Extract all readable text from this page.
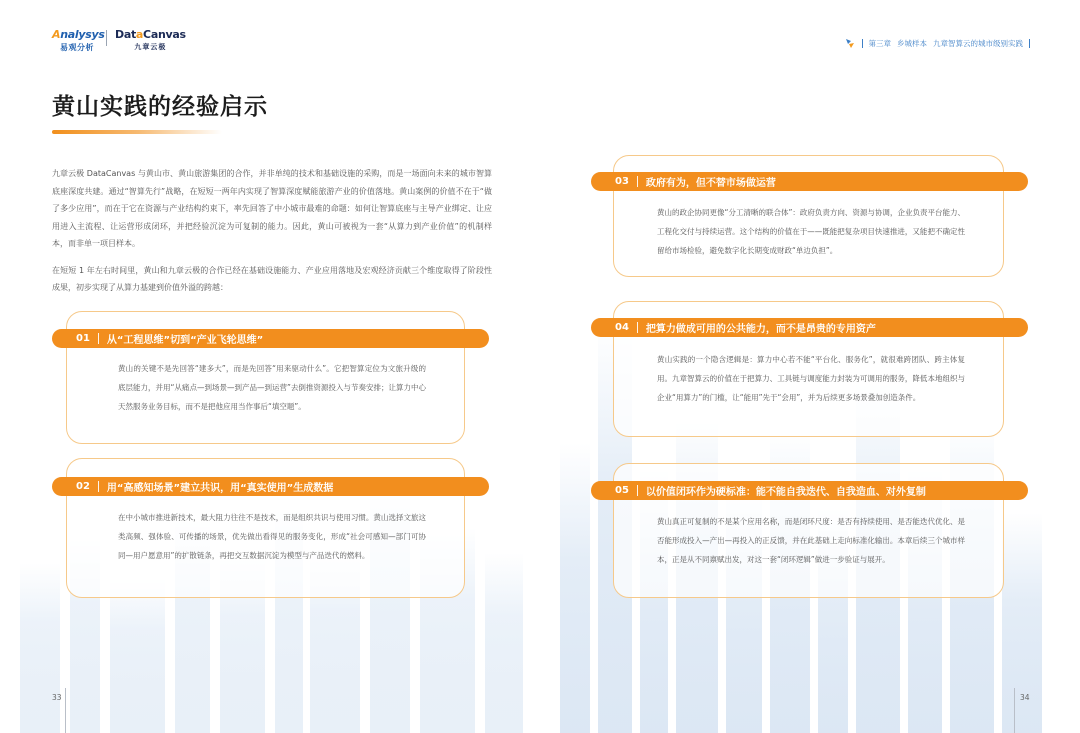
Analysys
易观分析
DataCanvas
九章云极	第三章 乡城样本 九章智算云的城市级别实践
黄山实践的经验启示

九章云极 DataCanvas 与黄山市、黄山旅游集团的合作，并非单纯的技术和基础设施的采购，而是一场面向未来的城市智算底座深度共建。通过“智算先行”战略，在短短一两年内实现了智算深度赋能旅游产业的价值落地。黄山案例的价值不在于“做了多少应用”，而在于它在资源与产业结构约束下，率先回答了中小城市最难的命题：如何让智算底座与主导产业绑定、让应用进入主流程、让运营形成闭环，并把经验沉淀为可复制的能力。因此，黄山可被视为一套“从算力到产业价值”的机制样本，而非单一项目样本。

在短短 1 年左右时间里，黄山和九章云极的合作已经在基础设施能力、产业应用落地及宏观经济贡献三个维度取得了阶段性成果，初步实现了从算力基建到价值外溢的跨越：

01 从“工程思维”切到“产业飞轮思维”
黄山的关键不是先回答“建多大”，而是先回答“用来驱动什么”。它把智算定位为文旅升级的底层能力，并用“从痛点—到场景—到产品—到运营”去倒推资源投入与节奏安排；让算力中心天然服务业务目标，而不是把他应用当作事后“填空题”。
02 用“高感知场景”建立共识，用“真实使用”生成数据
在中小城市推进新技术，最大阻力往往不是技术，而是组织共识与使用习惯。黄山选择文旅这类高频、强体验、可传播的场景，优先做出看得见的服务变化，形成“社会可感知—部门可协同—用户愿意用”的扩散链条，再把交互数据沉淀为模型与产品迭代的燃料。
03 政府有为，但不替市场做运营
黄山的政企协同更像“分工清晰的联合体”：政府负责方向、资源与协调，企业负责平台能力、工程化交付与持续运营。这个结构的价值在于——既能把复杂项目快速推进，又能把不确定性留给市场检验，避免数字化长期变成财政“单边负担”。
04 把算力做成可用的公共能力，而不是昂贵的专用资产
黄山实践的一个隐含逻辑是：算力中心若不能“平台化、服务化”，就很难跨团队、跨主体复用。九章智算云的价值在于把算力、工具链与调度能力封装为可调用的服务，降低本地组织与企业“用算力”的门槛，让“能用”先于“会用”，并为后续更多场景叠加创造条件。
05 以价值闭环作为硬标准：能不能自我迭代、自我造血、对外复制
黄山真正可复制的不是某个应用名称，而是闭环尺度：是否有持续使用、是否能迭代优化、是否能形成投入—产出—再投入的正反馈，并在此基础上走向标准化输出。本章后续三个城市样本，正是从不同禀赋出发，对这一套“闭环逻辑”做进一步验证与展开。
33	34
